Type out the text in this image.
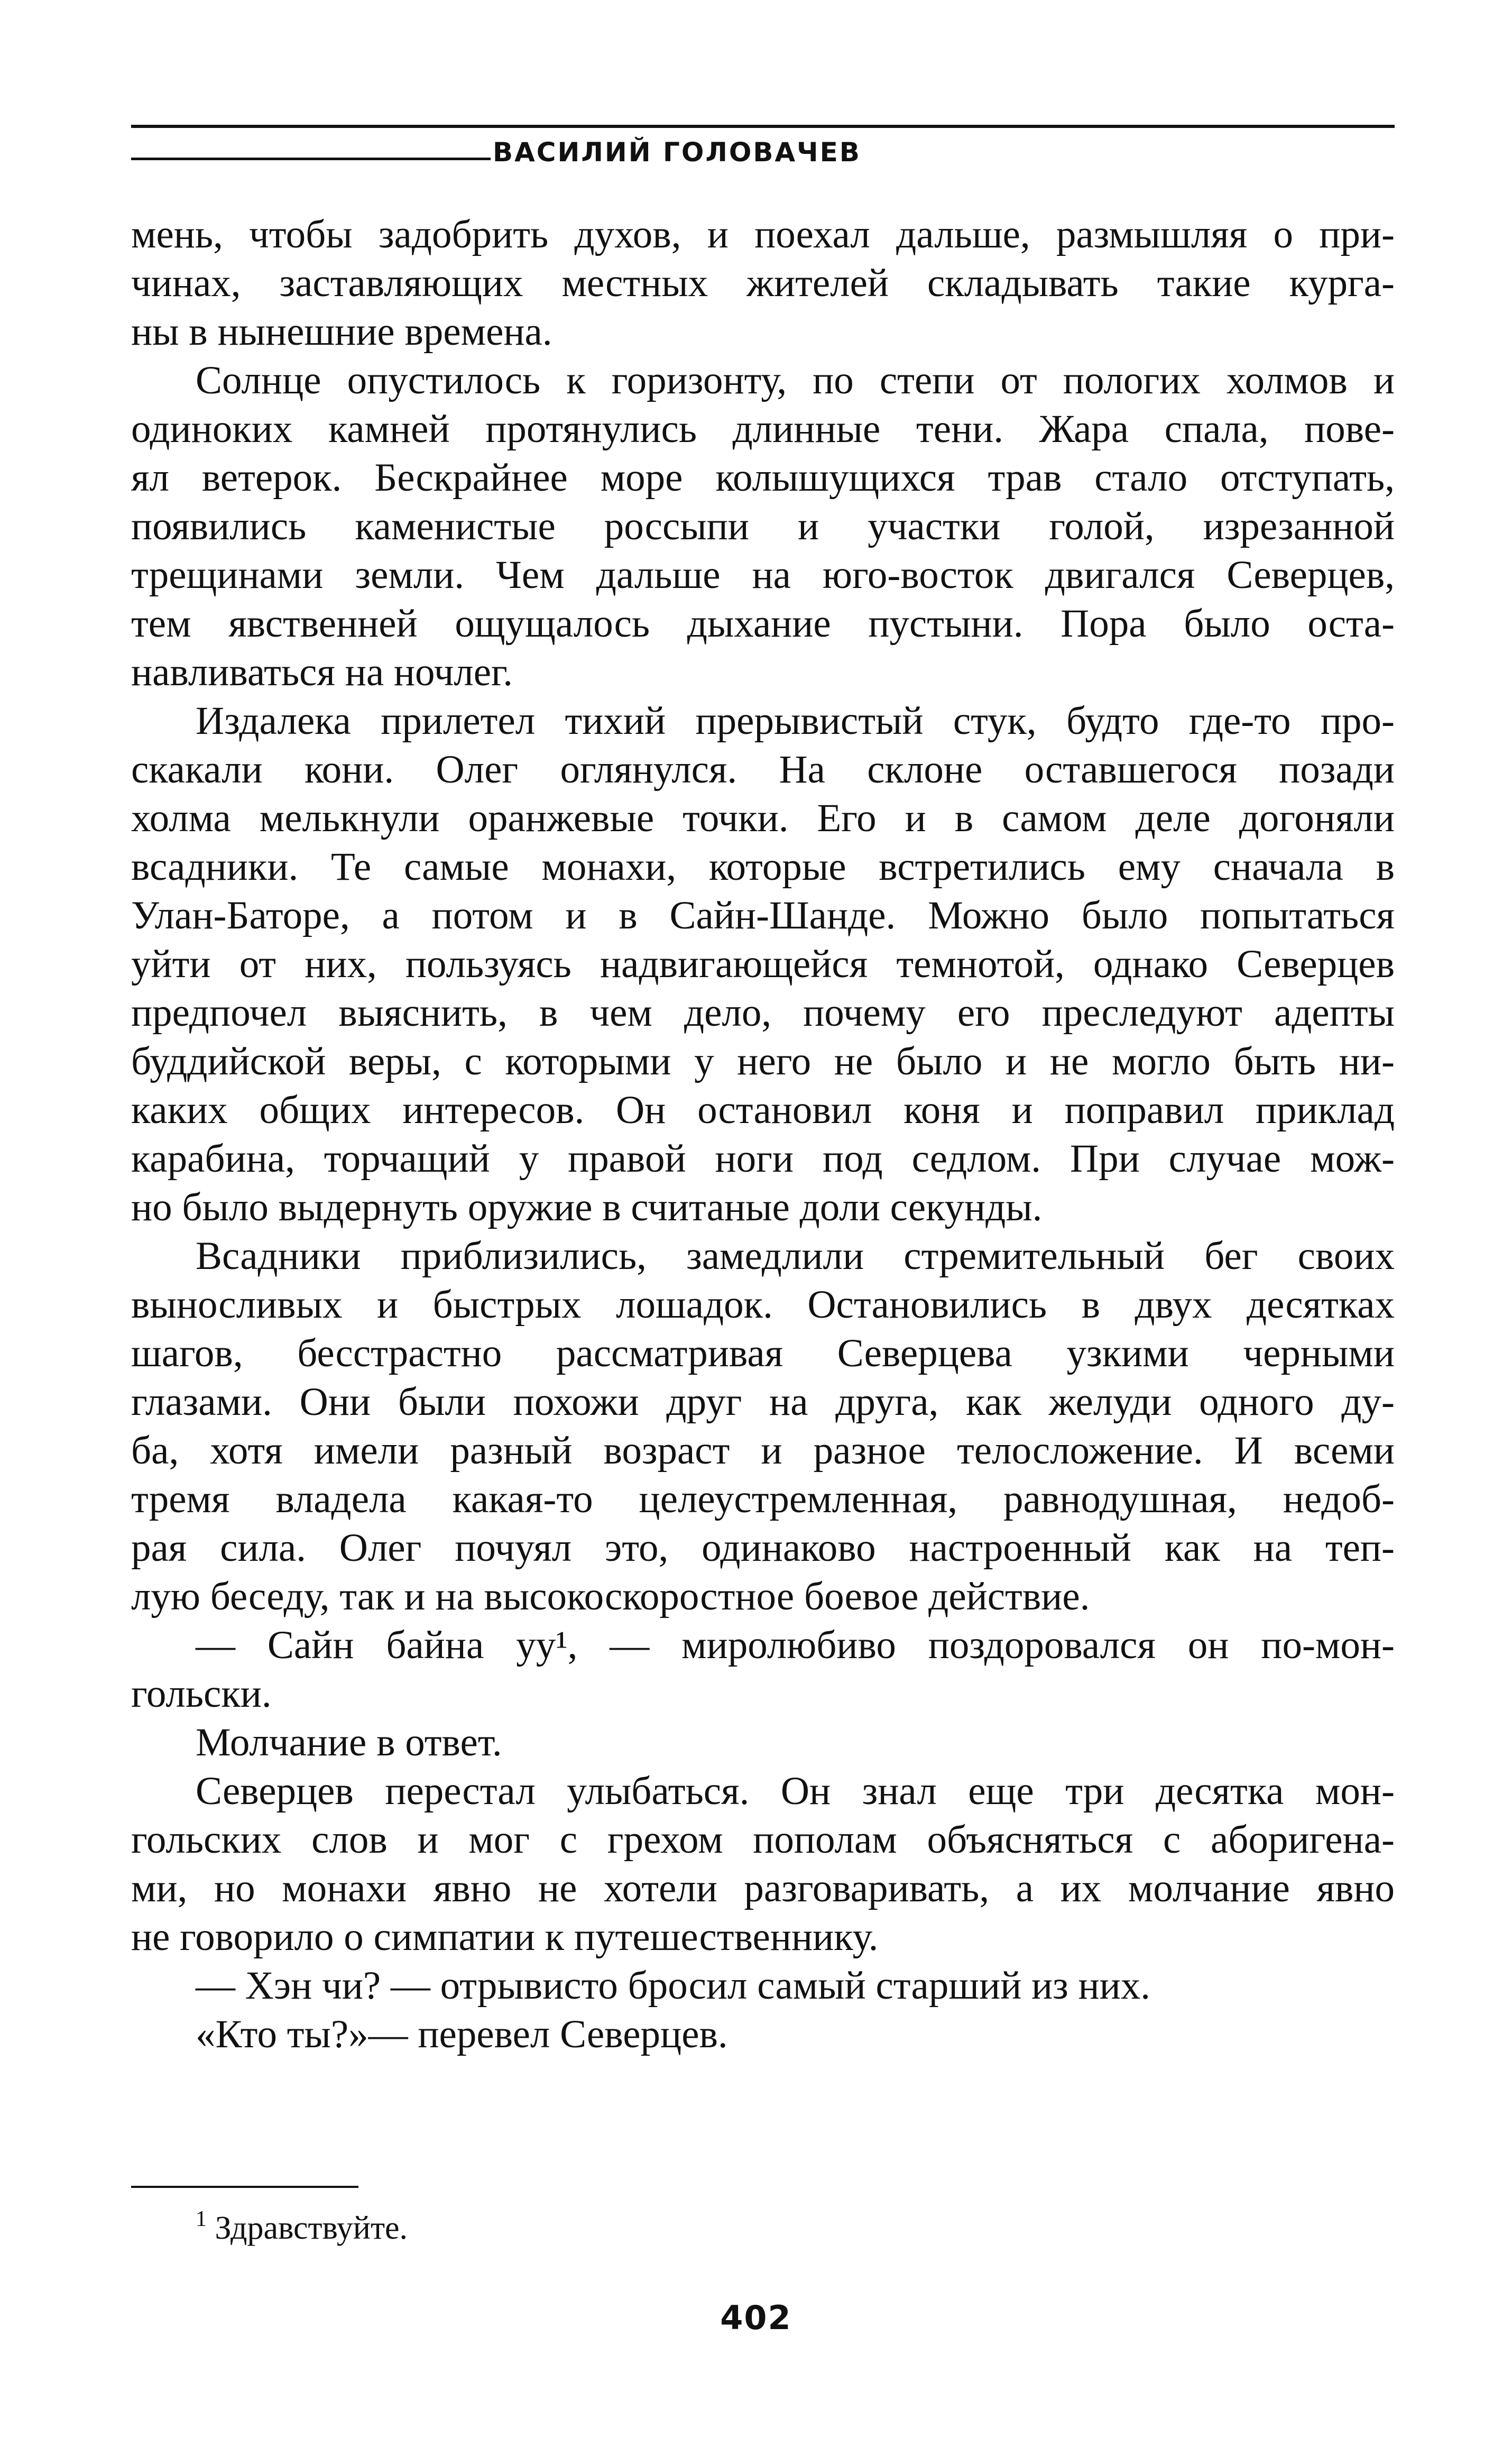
ВАСИЛИЙ ГОЛОВАЧЕВ

мень, чтобы задобрить духов, и поехал дальше, размышляя о при-
чинах, заставляющих местных жителей складывать такие курга-
ны в нынешние времена.

Солнце опустилось к горизонту, по степи от пологих холмов и
одиноких камней протянулись длинные тени. Жара спала, пове-
ял ветерок. Бескрайнее море колышущихся трав стало отступать,
появились каменистые россыпи и участки голой, изрезанной
трещинами земли. Чем дальше на юго-восток двигался Северцев,
тем явственней ощущалось дыхание пустыни. Пора было оста-
навливаться на ночлег.

Издалека прилетел тихий прерывистый стук, будто где-то про-
скакали кони. Олег оглянулся. На склоне оставшегося позади
холма мелькнули оранжевые точки. Его и в самом деле догоняли
всадники. Те самые монахи, которые встретились ему сначала в
Улан-Баторе, а потом и в Сайн-Шанде. Можно было попытаться
уйти от них, пользуясь надвигающейся темнотой, однако Северцев
предпочел выяснить, в чем дело, почему его преследуют адепты
буддийской веры, с которыми у него не было и не могло быть ни-
каких общих интересов. Он остановил коня и поправил приклад
карабина, торчащий у правой ноги под седлом. При случае мож-
но было выдернуть оружие в считаные доли секунды.

Всадники приблизились, замедлили стремительный бег своих
выносливых и быстрых лошадок. Остановились в двух десятках
шагов, бесстрастно рассматривая Северцева узкими черными
глазами. Они были похожи друг на друга, как желуди одного ду-
ба, хотя имели разный возраст и разное телосложение. И всеми
тремя владела какая-то целеустремленная, равнодушная, недоб-
рая сила. Олег почуял это, одинаково настроенный как на теп-
лую беседу, так и на высокоскоростное боевое действие.

— Сайн байна уу¹, — миролюбиво поздоровался он по-мон-
гольски.

Молчание в ответ.

Северцев перестал улыбаться. Он знал еще три десятка мон-
гольских слов и мог с грехом пополам объясняться с аборигена-
ми, но монахи явно не хотели разговаривать, а их молчание явно
не говорило о симпатии к путешественнику.

— Хэн чи? — отрывисто бросил самый старший из них.

«Кто ты?»— перевел Северцев.

$^1$ Здравствуйте.
402
